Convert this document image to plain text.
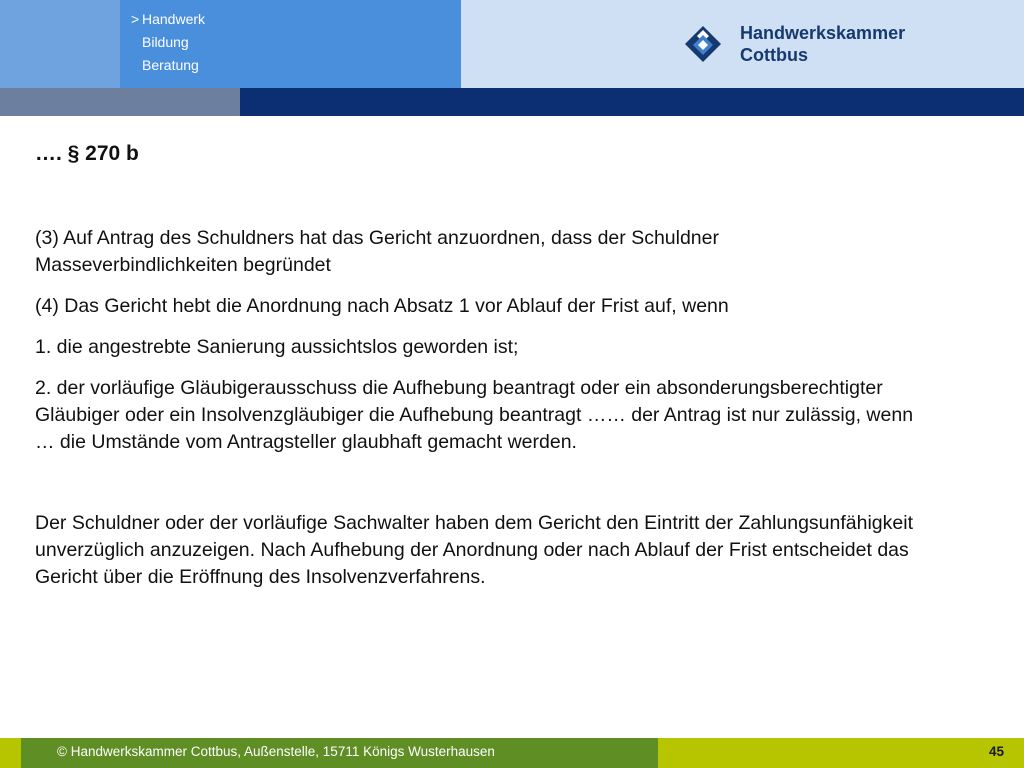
> Handwerk
Bildung
Beratung
Handwerkskammer
Cottbus
…. § 270 b

(3) Auf Antrag des Schuldners hat das Gericht anzuordnen, dass der Schuldner Masseverbindlichkeiten begründet

(4) Das Gericht hebt die Anordnung nach Absatz 1 vor Ablauf der Frist auf, wenn

1. die angestrebte Sanierung aussichtslos geworden ist;

2. der vorläufige Gläubigerausschuss die Aufhebung beantragt oder ein absonderungsberechtigter Gläubiger oder ein Insolvenzgläubiger die Aufhebung beantragt …… der Antrag ist nur zulässig, wenn … die Umstände vom Antragsteller glaubhaft gemacht werden.

Der Schuldner oder der vorläufige Sachwalter haben dem Gericht den Eintritt der Zahlungsunfähigkeit unverzüglich anzuzeigen. Nach Aufhebung der Anordnung oder nach Ablauf der Frist entscheidet das Gericht über die Eröffnung des Insolvenzverfahrens.

© Handwerkskammer Cottbus, Außenstelle, 15711 Königs Wusterhausen	45
